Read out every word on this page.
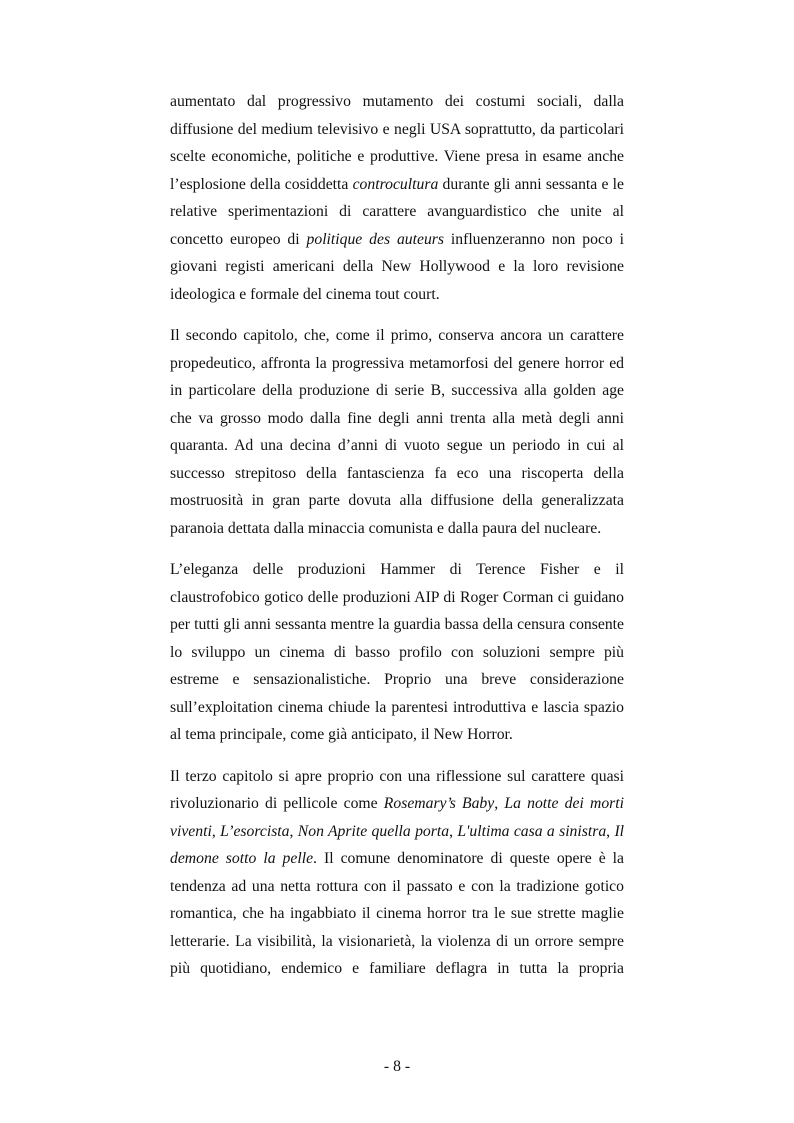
aumentato dal progressivo mutamento dei costumi sociali, dalla diffusione del medium televisivo e negli USA soprattutto, da particolari scelte economiche, politiche e produttive. Viene presa in esame anche l’esplosione della cosiddetta controcultura durante gli anni sessanta e le relative sperimentazioni di carattere avanguardistico che unite al concetto europeo di politique des auteurs influenzeranno non poco i giovani registi americani della New Hollywood e la loro revisione ideologica e formale del cinema tout court.

Il secondo capitolo, che, come il primo, conserva ancora un carattere propedeutico, affronta la progressiva metamorfosi del genere horror ed in particolare della produzione di serie B, successiva alla golden age che va grosso modo dalla fine degli anni trenta alla metà degli anni quaranta. Ad una decina d’anni di vuoto segue un periodo in cui al successo strepitoso della fantascienza fa eco una riscoperta della mostruosità in gran parte dovuta alla diffusione della generalizzata paranoia dettata dalla minaccia comunista e dalla paura del nucleare.

L’eleganza delle produzioni Hammer di Terence Fisher e il claustrofobico gotico delle produzioni AIP di Roger Corman ci guidano per tutti gli anni sessanta mentre la guardia bassa della censura consente lo sviluppo un cinema di basso profilo con soluzioni sempre più estreme e sensazionalistiche. Proprio una breve considerazione sull’exploitation cinema chiude la parentesi introduttiva e lascia spazio al tema principale, come già anticipato, il New Horror.

Il terzo capitolo si apre proprio con una riflessione sul carattere quasi rivoluzionario di pellicole come Rosemary’s Baby, La notte dei morti viventi, L’esorcista, Non Aprite quella porta, L'ultima casa a sinistra, Il demone sotto la pelle. Il comune denominatore di queste opere è la tendenza ad una netta rottura con il passato e con la tradizione gotico romantica, che ha ingabbiato il cinema horror tra le sue strette maglie letterarie. La visibilità, la visionarietà, la violenza di un orrore sempre più quotidiano, endemico e familiare deflagra in tutta la propria

- 8 -
